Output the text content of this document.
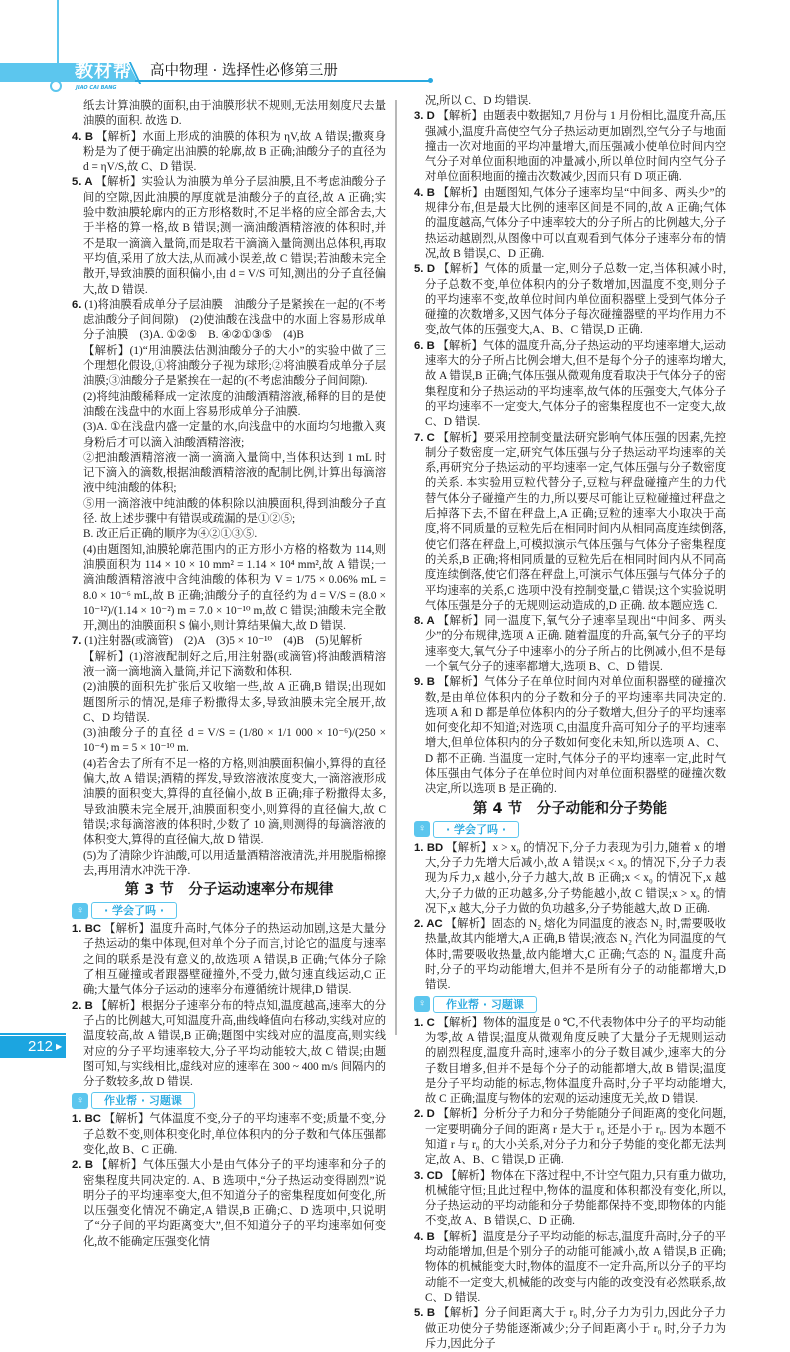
教材帮
JIAO CAI BANG
高中物理 · 选择性必修第三册

纸去计算油膜的面积,由于油膜形状不规则,无法用刻度尺去量油膜的面积. 故选 D.

4. B 【解析】水面上形成的油膜的体积为 ηV,故 A 错误;撒爽身粉是为了便于确定出油膜的轮廓,故 B 正确;油酸分子的直径为 d = ηV/S,故 C、D 错误.

5. A 【解析】实验认为油膜为单分子层油膜,且不考虑油酸分子间的空隙,因此油膜的厚度就是油酸分子的直径,故 A 正确;实验中数油膜轮廓内的正方形格数时,不足半格的应全部舍去,大于半格的算一格,故 B 错误;测一滴油酸酒精溶液的体积时,并不是取一滴滴入量筒,而是取若干滴滴入量筒测出总体积,再取平均值,采用了放大法,从而减小误差,故 C 错误;若油酸未完全散开,导致油膜的面积偏小,由 d = V/S 可知,测出的分子直径偏大,故 D 错误.

6. (1)将油膜看成单分子层油膜　油酸分子是紧挨在一起的(不考虑油酸分子间间隙)　(2)使油酸在浅盘中的水面上容易形成单分子油膜　(3)A. ①②⑤　B. ④②①③⑤　(4)B

【解析】(1)“用油膜法估测油酸分子的大小”的实验中做了三个理想化假设,①将油酸分子视为球形;②将油膜看成单分子层油膜;③油酸分子是紧挨在一起的(不考虑油酸分子间间隙).

(2)将纯油酸稀释成一定浓度的油酸酒精溶液,稀释的目的是使油酸在浅盘中的水面上容易形成单分子油膜.

(3)A. ①在浅盘内盛一定量的水,向浅盘中的水面均匀地撒入爽身粉后才可以滴入油酸酒精溶液;

②把油酸酒精溶液一滴一滴滴入量筒中,当体积达到 1 mL 时记下滴入的滴数,根据油酸酒精溶液的配制比例,计算出每滴溶液中纯油酸的体积;

⑤用一滴溶液中纯油酸的体积除以油膜面积,得到油酸分子直径. 故上述步骤中有错误或疏漏的是①②⑤;

B. 改正后正确的顺序为④②①③⑤.

(4)由题图知,油膜轮廓范围内的正方形小方格的格数为 114,则油膜面积为 114 × 10 × 10 mm² = 1.14 × 10⁴ mm²,故 A 错误;一滴油酸酒精溶液中含纯油酸的体积为 V = 1/75 × 0.06% mL = 8.0 × 10⁻⁶ mL,故 B 正确;油酸分子的直径约为 d = V/S = (8.0 × 10⁻¹²)/(1.14 × 10⁻²) m = 7.0 × 10⁻¹⁰ m,故 C 错误;油酸未完全散开,测出的油膜面积 S 偏小,则计算结果偏大,故 D 错误.

7. (1)注射器(或滴管)　(2)A　(3)5 × 10⁻¹⁰　(4)B　(5)见解析

【解析】(1)溶液配制好之后,用注射器(或滴管)将油酸酒精溶液一滴一滴地滴入量筒,并记下滴数和体积.

(2)油膜的面积先扩张后又收缩一些,故 A 正确,B 错误;出现如题图所示的情况,是痱子粉撒得太多,导致油膜未完全展开,故 C、D 均错误.

(3)油酸分子的直径 d = V/S = (1/80 × 1/1 000 × 10⁻⁶)/(250 × 10⁻⁴) m = 5 × 10⁻¹⁰ m.

(4)若舍去了所有不足一格的方格,则油膜面积偏小,算得的直径偏大,故 A 错误;酒精的挥发,导致溶液浓度变大,一滴溶液形成油膜的面积变大,算得的直径偏小,故 B 正确;痱子粉撒得太多,导致油膜未完全展开,油膜面积变小,则算得的直径偏大,故 C 错误;求每滴溶液的体积时,少数了 10 滴,则测得的每滴溶液的体积变大,算得的直径偏大,故 D 错误.

(5)为了清除少许油酸,可以用适量酒精溶液清洗,并用脱脂棉擦去,再用清水冲洗干净.

第 3 节　分子运动速率分布规律
♀	· 学会了吗 ·

1. BC 【解析】温度升高时,气体分子的热运动加剧,这是大量分子热运动的集中体现,但对单个分子而言,讨论它的温度与速率之间的联系是没有意义的,故选项 A 错误,B 正确;气体分子除了相互碰撞或者跟器壁碰撞外,不受力,做匀速直线运动,C 正确;大量气体分子运动的速率分布遵循统计规律,D 错误.

2. B 【解析】根据分子速率分布的特点知,温度越高,速率大的分子占的比例越大,可知温度升高,曲线峰值向右移动,实线对应的温度较高,故 A 错误,B 正确;题图中实线对应的温度高,则实线对应的分子平均速率较大,分子平均动能较大,故 C 错误;由题图可知,与实线相比,虚线对应的速率在 300 ~ 400 m/s 间隔内的分子数较多,故 D 错误.

♀	作业帮 · 习题课

1. BC 【解析】气体温度不变,分子的平均速率不变;质量不变,分子总数不变,则体积变化时,单位体积内的分子数和气体压强都变化,故 B、C 正确.

2. B 【解析】气体压强大小是由气体分子的平均速率和分子的密集程度共同决定的. A、B 选项中,“分子热运动变得剧烈”说明分子的平均速率变大,但不知道分子的密集程度如何变化,所以压强变化情况不确定,A 错误,B 正确;C、D 选项中,只说明了“分子间的平均距离变大”,但不知道分子的平均速率如何变化,故不能确定压强变化情

况,所以 C、D 均错误.

3. D 【解析】由题表中数据知,7 月份与 1 月份相比,温度升高,压强减小,温度升高使空气分子热运动更加剧烈,空气分子与地面撞击一次对地面的平均冲量增大,而压强减小使单位时间内空气分子对单位面积地面的冲量减小,所以单位时间内空气分子对单位面积地面的撞击次数减少,因而只有 D 项正确.

4. B 【解析】由题图知,气体分子速率均呈“中间多、两头少”的规律分布,但是最大比例的速率区间是不同的,故 A 正确;气体的温度越高,气体分子中速率较大的分子所占的比例越大,分子热运动越剧烈,从图像中可以直观看到气体分子速率分布的情况,故 B 错误,C、D 正确.

5. D 【解析】气体的质量一定,则分子总数一定,当体积减小时,分子总数不变,单位体积内的分子数增加,因温度不变,则分子的平均速率不变,故单位时间内单位面积器壁上受到气体分子碰撞的次数增多,又因气体分子每次碰撞器壁的平均作用力不变,故气体的压强变大,A、B、C 错误,D 正确.

6. B 【解析】气体的温度升高,分子热运动的平均速率增大,运动速率大的分子所占比例会增大,但不是每个分子的速率均增大,故 A 错误,B 正确;气体压强从微观角度看取决于气体分子的密集程度和分子热运动的平均速率,故气体的压强变大,气体分子的平均速率不一定变大,气体分子的密集程度也不一定变大,故 C、D 错误.

7. C 【解析】要采用控制变量法研究影响气体压强的因素,先控制分子数密度一定,研究气体压强与分子热运动平均速率的关系,再研究分子热运动的平均速率一定,气体压强与分子数密度的关系. 本实验用豆粒代替分子,豆粒与秤盘碰撞产生的力代替气体分子碰撞产生的力,所以要尽可能让豆粒碰撞过秤盘之后掉落下去,不留在秤盘上,A 正确;豆粒的速率大小取决于高度,将不同质量的豆粒先后在相同时间内从相同高度连续倒落,使它们落在秤盘上,可模拟演示气体压强与气体分子密集程度的关系,B 正确;将相同质量的豆粒先后在相同时间内从不同高度连续倒落,使它们落在秤盘上,可演示气体压强与气体分子的平均速率的关系,C 选项中没有控制变量,C 错误;这个实验说明气体压强是分子的无规则运动造成的,D 正确. 故本题应选 C.

8. A 【解析】同一温度下,氧气分子速率呈现出“中间多、两头少”的分布规律,选项 A 正确. 随着温度的升高,氧气分子的平均速率变大,氧气分子中速率小的分子所占的比例减小,但不是每一个氧气分子的速率都增大,选项 B、C、D 错误.

9. B 【解析】气体分子在单位时间内对单位面积器壁的碰撞次数,是由单位体积内的分子数和分子的平均速率共同决定的. 选项 A 和 D 都是单位体积内的分子数增大,但分子的平均速率如何变化却不知道;对选项 C,由温度升高可知分子的平均速率增大,但单位体积内的分子数如何变化未知,所以选项 A、C、D 都不正确. 当温度一定时,气体分子的平均速率一定,此时气体压强由气体分子在单位时间内对单位面积器壁的碰撞次数决定,所以选项 B 是正确的.

第 4 节　分子动能和分子势能
♀	· 学会了吗 ·

1. BD 【解析】x > x₀ 的情况下,分子力表现为引力,随着 x 的增大,分子力先增大后减小,故 A 错误;x < x₀ 的情况下,分子力表现为斥力,x 越小,分子力越大,故 B 正确;x < x₀ 的情况下,x 越大,分子力做的正功越多,分子势能越小,故 C 错误;x > x₀ 的情况下,x 越大,分子力做的负功越多,分子势能越大,故 D 正确.

2. AC 【解析】固态的 N₂ 熔化为同温度的液态 N₂ 时,需要吸收热量,故其内能增大,A 正确,B 错误;液态 N₂ 汽化为同温度的气体时,需要吸收热量,故内能增大,C 正确;气态的 N₂ 温度升高时,分子的平均动能增大,但并不是所有分子的动能都增大,D 错误.

♀	作业帮 · 习题课

1. C 【解析】物体的温度是 0 ℃,不代表物体中分子的平均动能为零,故 A 错误;温度从微观角度反映了大量分子无规则运动的剧烈程度,温度升高时,速率小的分子数目减少,速率大的分子数目增多,但并不是每个分子的动能都增大,故 B 错误;温度是分子平均动能的标志,物体温度升高时,分子平均动能增大,故 C 正确;温度与物体的宏观的运动速度无关,故 D 错误.

2. D 【解析】分析分子力和分子势能随分子间距离的变化问题,一定要明确分子间的距离 r 是大于 r₀ 还是小于 r₀. 因为本题不知道 r 与 r₀ 的大小关系,对分子力和分子势能的变化都无法判定,故 A、B、C 错误,D 正确.

3. CD 【解析】物体在下落过程中,不计空气阻力,只有重力做功,机械能守恒;且此过程中,物体的温度和体积都没有变化,所以,分子热运动的平均动能和分子势能都保持不变,即物体的内能不变,故 A、B 错误,C、D 正确.

4. B 【解析】温度是分子平均动能的标志,温度升高时,分子的平均动能增加,但是个别分子的动能可能减小,故 A 错误,B 正确;物体的机械能变大时,物体的温度不一定升高,所以分子的平均动能不一定变大,机械能的改变与内能的改变没有必然联系,故 C、D 错误.

5. B 【解析】分子间距离大于 r₀ 时,分子力为引力,因此分子力做正功使分子势能逐渐减少;分子间距离小于 r₀ 时,分子力为斥力,因此分子

212 ▶
